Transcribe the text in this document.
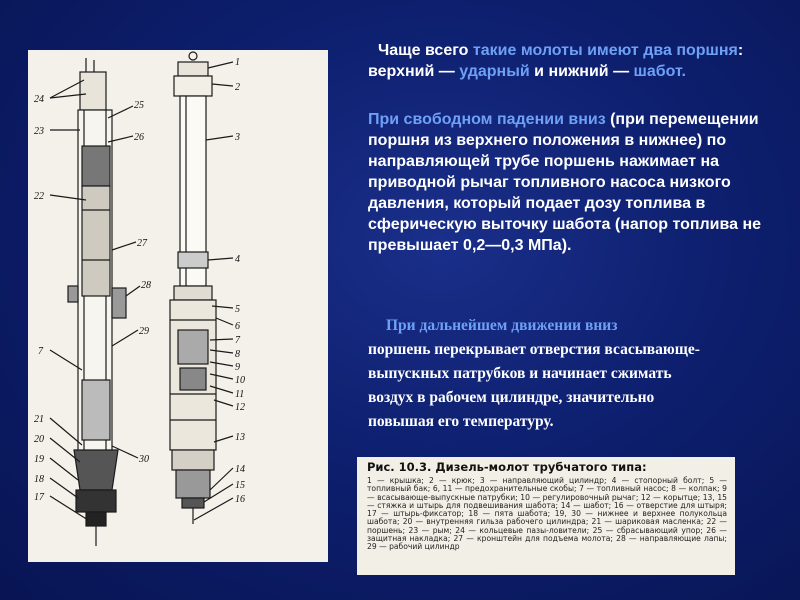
24
23
22
7
21
20
19
18
17
25
26
27
28
29
30
1
2
3
4
5
6
7
8
9
10
11
12
13
14
15
16

Чаще всего такие молоты имеют два поршня: верхний — ударный и нижний — шабот.

При свободном падении вниз (при перемещении поршня из верхнего положения в нижнее) по направляющей трубе поршень нажимает на приводной рычаг топливного насоса низкого давления, который подает дозу топлива в сферическую выточку шабота (напор топлива не превышает 0,2—0,3 МПа).

При дальнейшем движении вниз
поршень перекрывает отверстия всасывающе-выпускных патрубков и начинает сжимать воздух в рабочем цилиндре, значительно повышая его температуру.

Рис. 10.3. Дизель-молот трубчатого типа:
1 — крышка; 2 — крюк; 3 — направляющий цилиндр; 4 — стопорный болт; 5 — топливный бак; 6, 11 — предохранительные скобы; 7 — топливный насос; 8 — колпак; 9 — всасывающе-выпускные патрубки; 10 — регулировочный рычаг; 12 — корытце; 13, 15 — стяжка и штырь для подвешивания шабота; 14 — шабот; 16 — отверстие для штыря; 17 — штырь-фиксатор; 18 — пята шабота; 19, 30 — нижнее и верхнее полукольца шабота; 20 — внутренняя гильза рабочего цилиндра; 21 — шариковая масленка; 22 — поршень; 23 — рым; 24 — кольцевые пазы-ловители; 25 — сбрасывающий упор; 26 — защитная накладка; 27 — кронштейн для подъема молота; 28 — направляющие лапы; 29 — рабочий цилиндр
